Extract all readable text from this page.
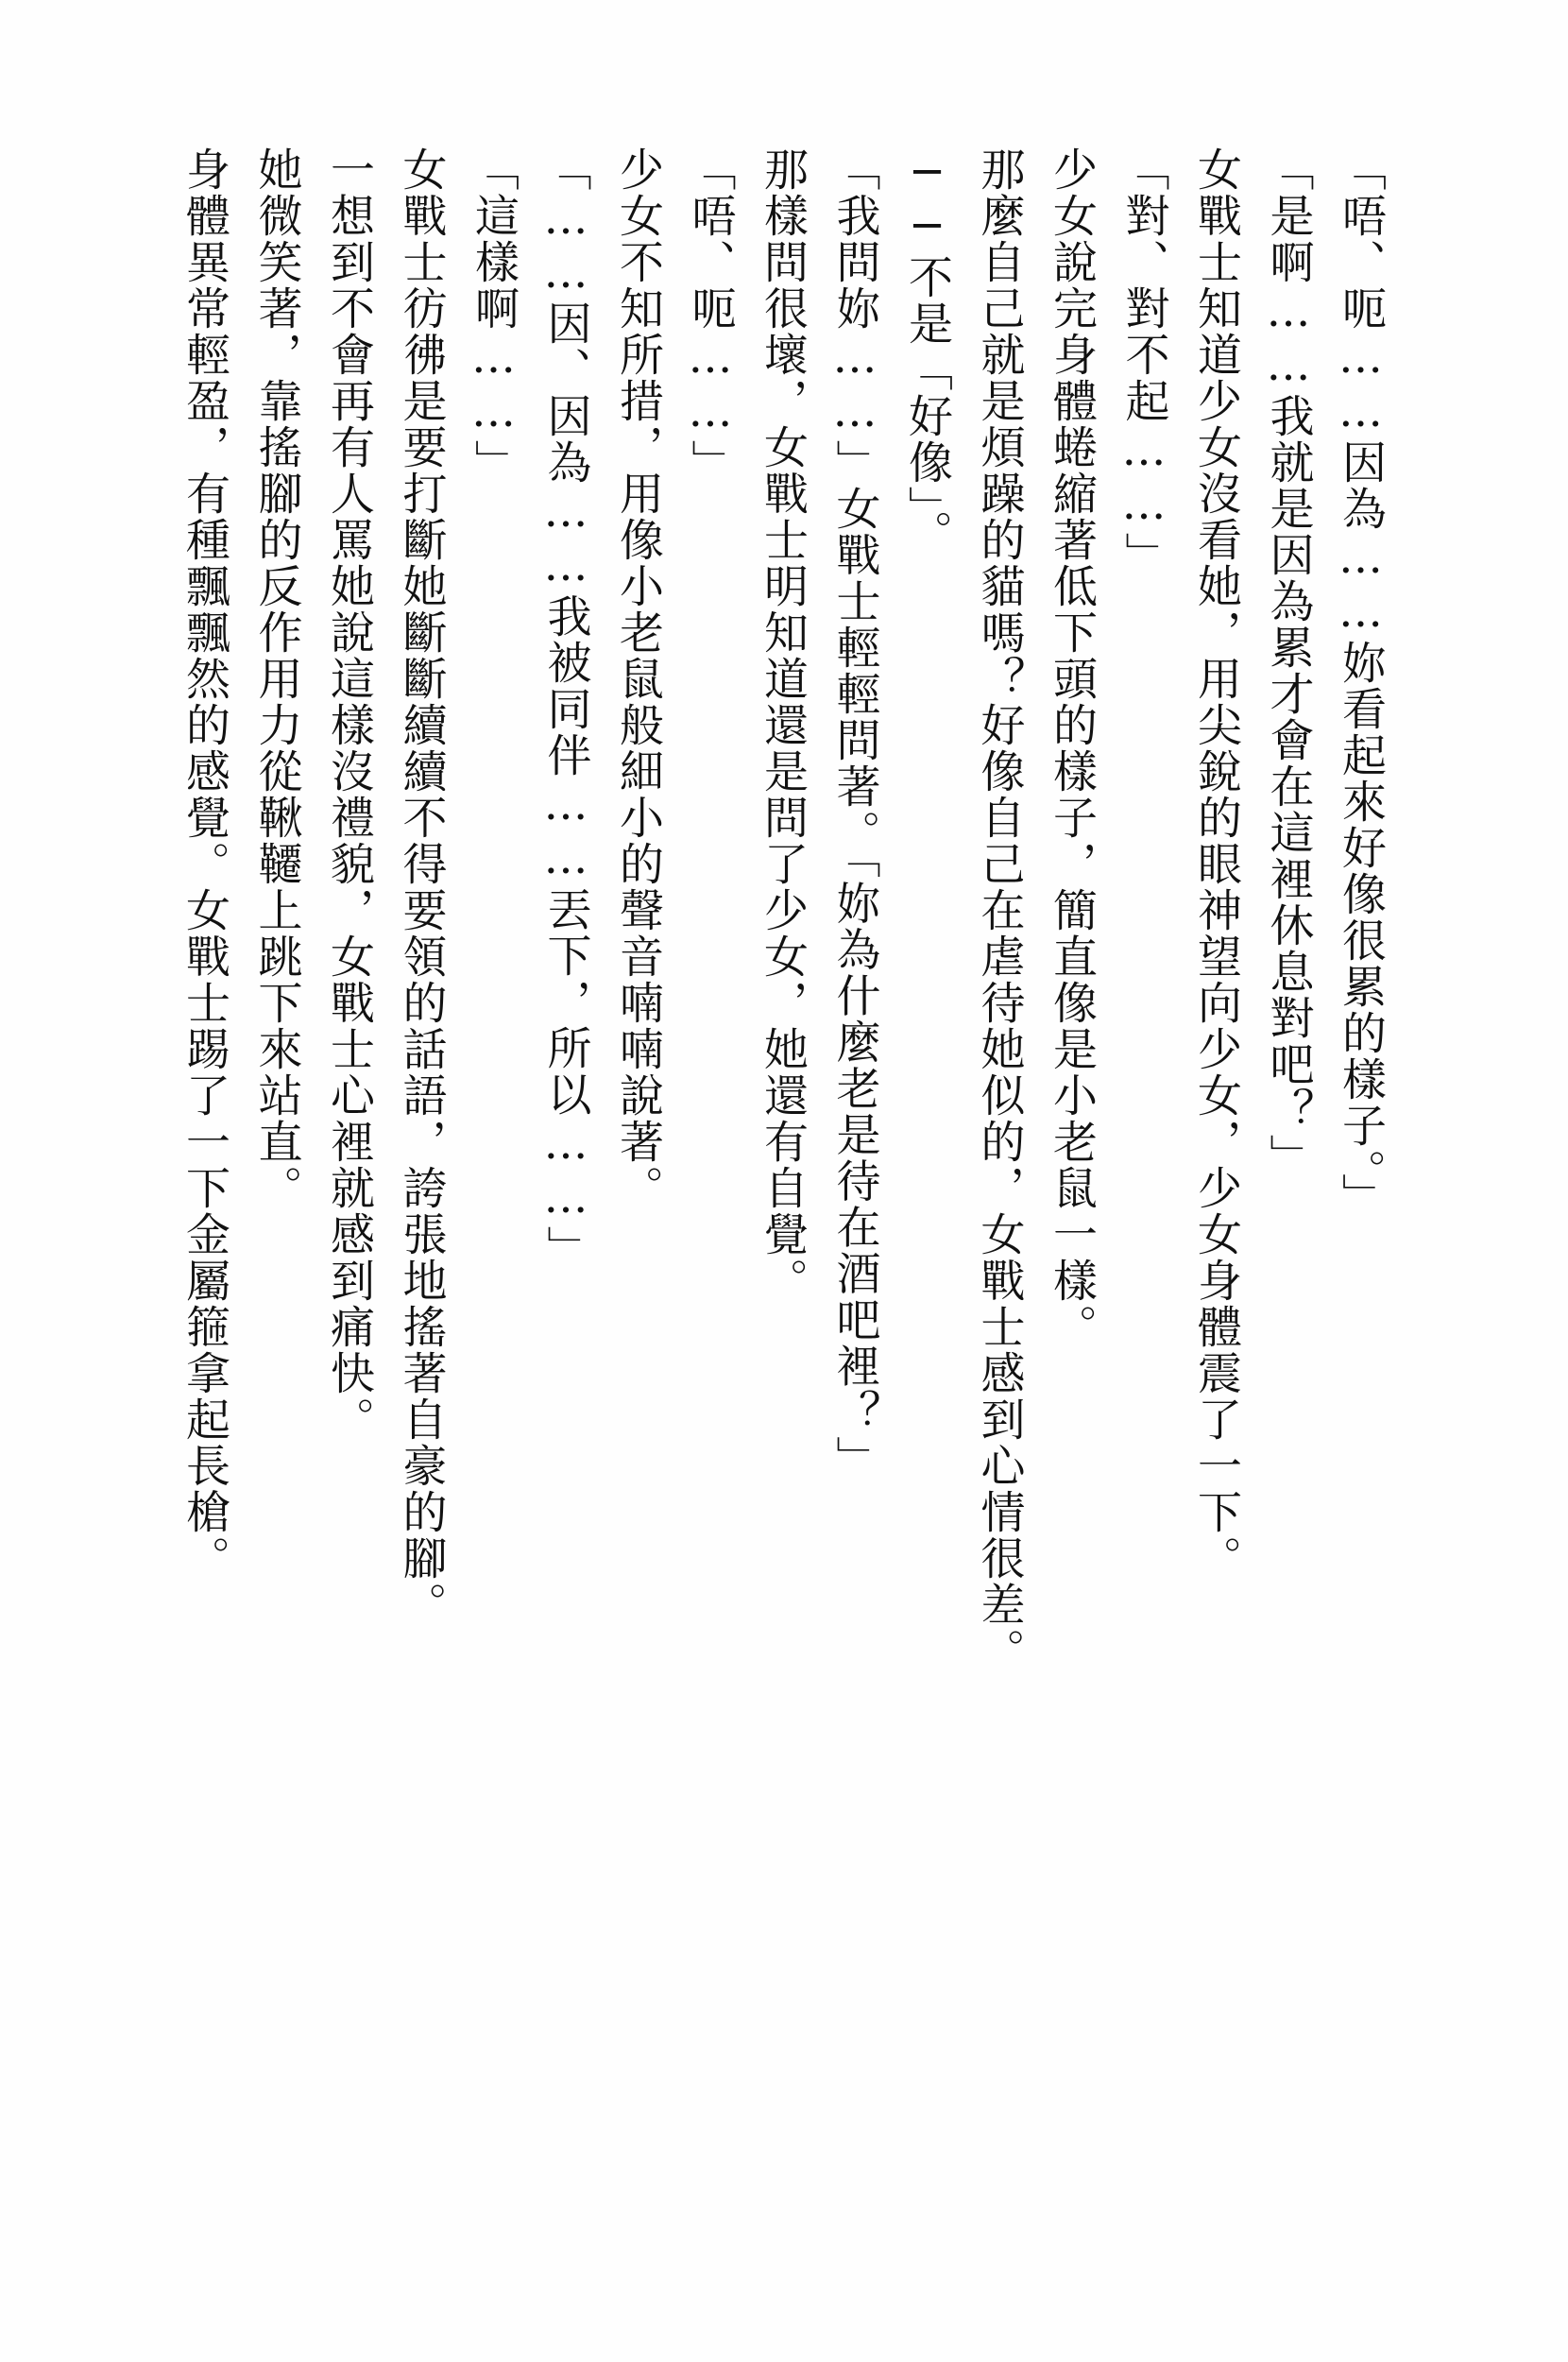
「唔、呃……因為……妳看起來好像很累的樣子。」
「是啊……我就是因為累才會在這裡休息對吧？」
女戰士知道少女沒看她，用尖銳的眼神望向少女，少女身體震了一下。
「對、對不起……」
少女說完身體蜷縮著低下頭的樣子，簡直像是小老鼠一樣。
那麼自己就是煩躁的貓嗎？好像自己在虐待她似的，女戰士感到心情很差。
──不是「好像」。
「我問妳……」女戰士輕輕問著。「妳為什麼老是待在酒吧裡？」
那樣問很壞，女戰士明知道還是問了少女，她還有自覺。
「唔、呃……」
少女不知所措，用像小老鼠般細小的聲音喃喃說著。
「……因、因為……我被同伴……丟下，所以……」
「這樣啊……」
女戰士彷彿是要打斷她斷斷續續不得要領的話語，誇張地搖著自豪的腳。
一想到不會再有人罵她說這樣沒禮貌，女戰士心裡就感到痛快。
她微笑著，靠搖腳的反作用力從鞦韆上跳下來站直。
身體異常輕盈，有種飄飄然的感覺。女戰士踢了一下金屬箍拿起長槍。
